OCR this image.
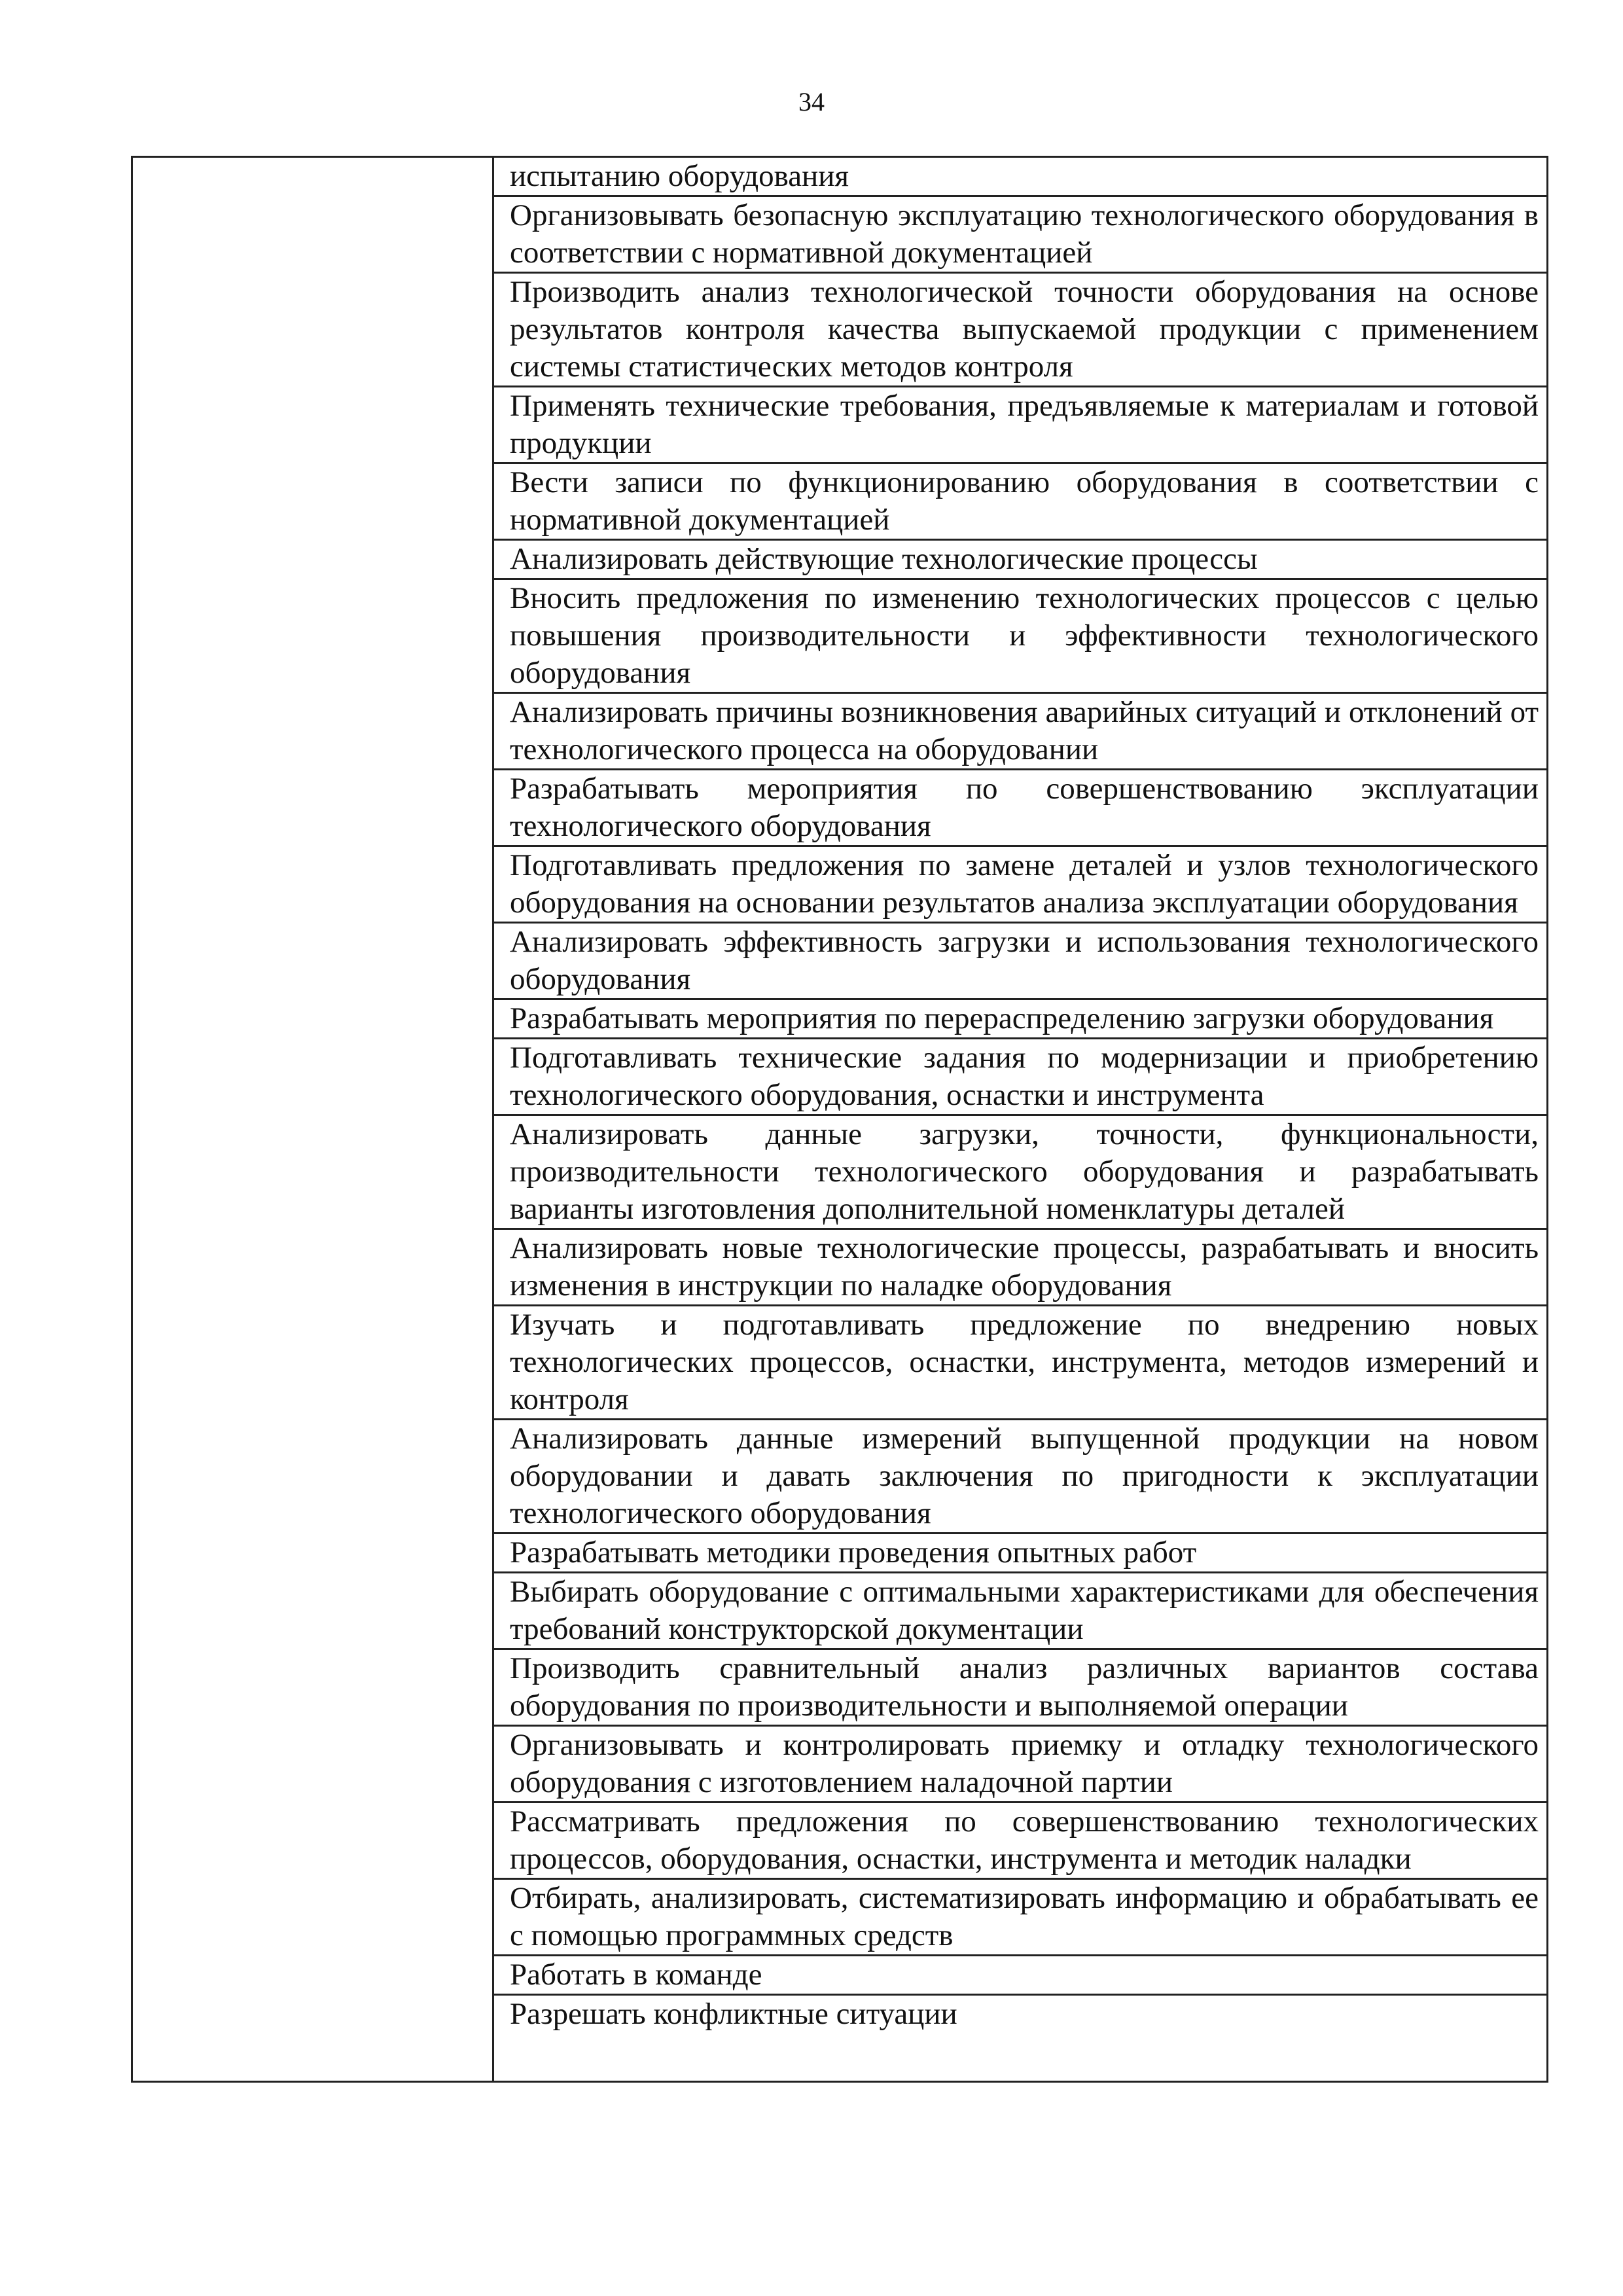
34
испытанию оборудования
Организовывать безопасную эксплуатацию технологического оборудования в соответствии с нормативной документацией
Производить анализ технологической точности оборудования на основе результатов контроля качества выпускаемой продукции с применением системы статистических методов контроля
Применять технические требования, предъявляемые к материалам и готовой продукции
Вести записи по функционированию оборудования в соответствии с нормативной документацией
Анализировать действующие технологические процессы
Вносить предложения по изменению технологических процессов с целью повышения производительности и эффективности технологического оборудования
Анализировать причины возникновения аварийных ситуаций и отклонений от технологического процесса на оборудовании
Разрабатывать мероприятия по совершенствованию эксплуатации технологического оборудования
Подготавливать предложения по замене деталей и узлов технологического оборудования на основании результатов анализа эксплуатации оборудования
Анализировать эффективность загрузки и использования технологического оборудования
Разрабатывать мероприятия по перераспределению загрузки оборудования
Подготавливать технические задания по модернизации и приобретению технологического оборудования, оснастки и инструмента
Анализировать данные загрузки, точности, функциональности, производительности технологического оборудования и разрабатывать варианты изготовления дополнительной номенклатуры деталей
Анализировать новые технологические процессы, разрабатывать и вносить изменения в инструкции по наладке оборудования
Изучать и подготавливать предложение по внедрению новых технологических процессов, оснастки, инструмента, методов измерений и контроля
Анализировать данные измерений выпущенной продукции на новом оборудовании и давать заключения по пригодности к эксплуатации технологического оборудования
Разрабатывать методики проведения опытных работ
Выбирать оборудование с оптимальными характеристиками для обеспечения требований конструкторской документации
Производить сравнительный анализ различных вариантов состава оборудования по производительности и выполняемой операции
Организовывать и контролировать приемку и отладку технологического оборудования с изготовлением наладочной партии
Рассматривать предложения по совершенствованию технологических процессов, оборудования, оснастки, инструмента и методик наладки
Отбирать, анализировать, систематизировать информацию и обрабатывать ее с помощью программных средств
Работать в команде
Разрешать конфликтные ситуации
